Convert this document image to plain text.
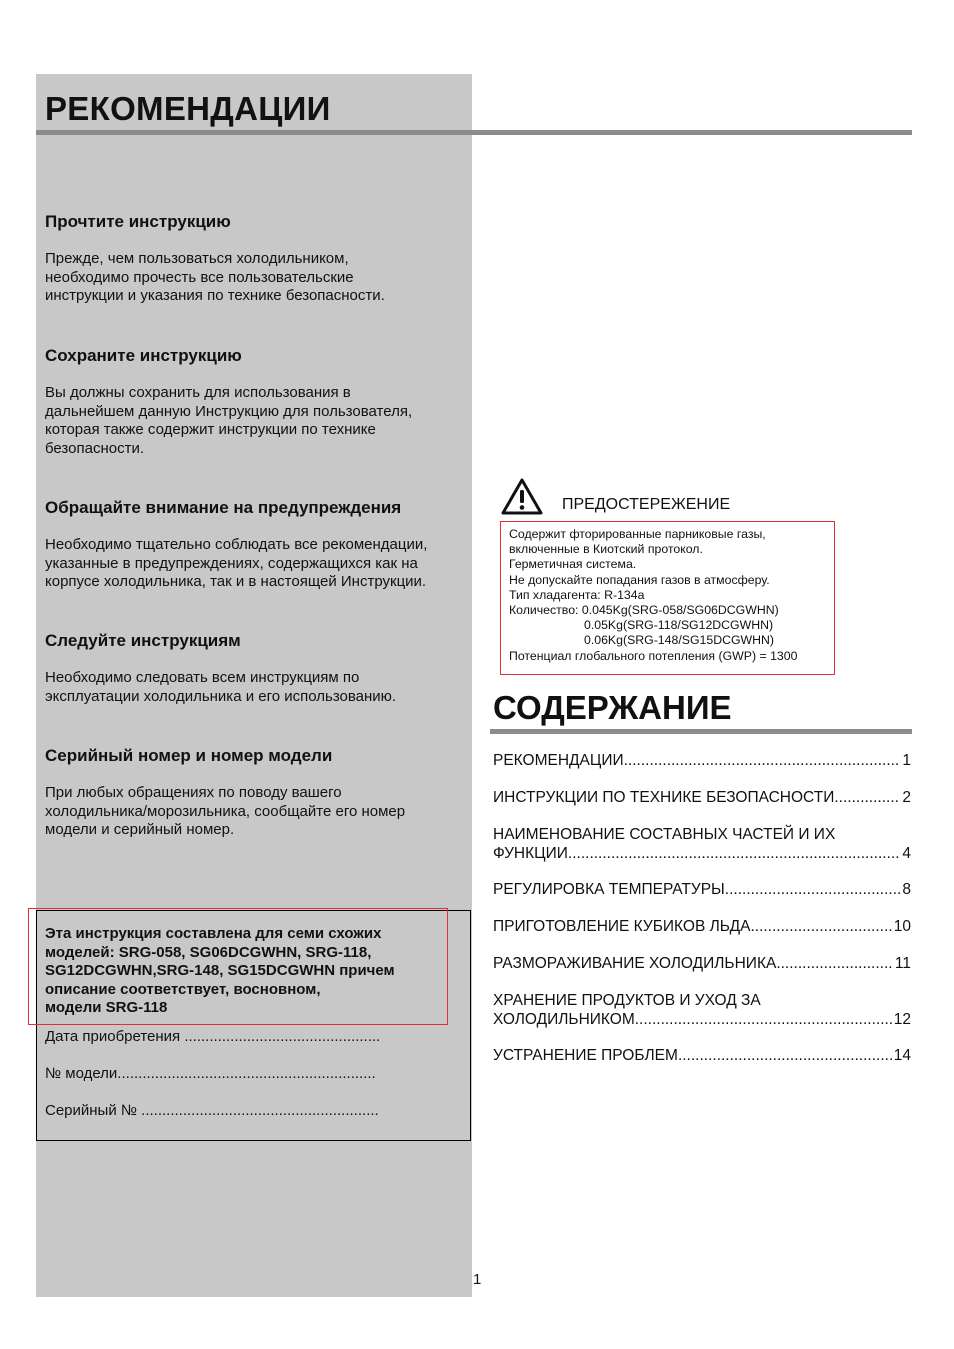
РЕКОМЕНДАЦИИ
Прочтите инструкцию

Прежде, чем пользоваться холодильником,
необходимо прочесть все пользовательские
инструкции и указания по технике безопасности.

Сохраните инструкцию

Вы должны сохранить для использования в
дальнейшем данную Инструкцию для пользователя,
которая также содержит инструкции по технике
безопасности.

Обращайте внимание на предупреждения

Необходимо тщательно соблюдать все рекомендации,
указанные в предупреждениях, содержащихся как на
корпусе холодильника, так и в настоящей Инструкции.

Следуйте инструкциям

Необходимо следовать всем инструкциям по
эксплуатации холодильника и его использованию.

Серийный номер и номер модели

При любых обращениях по поводу вашего
холодильника/морозильника, сообщайте его номер
модели и серийный номер.

Эта инструкция составлена для семи схожих
моделей: SRG-058, SG06DCGWHN, SRG-118,
SG12DCGWHN,SRG-148, SG15DCGWHN причем
описание соответствует, восновном,
модели SRG-118

Дата приобретения ...............................................
№ модели..............................................................
Серийный № .........................................................
ПРЕДОСТЕРЕЖЕНИЕ
Содержит фторированные парниковые газы,
включенные в Киотский протокол.
Герметичная система.
Не допускайте попадания газов в атмосферу.
Тип хладагента: R-134a
Количество: 0.045Kg(SRG-058/SG06DCGWHN)
0.05Kg(SRG-118/SG12DCGWHN)
0.06Kg(SRG-148/SG15DCGWHN)
Потенциал глобального потепления (GWP) = 1300
СОДЕРЖАНИЕ
РЕКОМЕНДАЦИИ .....	1
ИНСТРУКЦИИ ПО ТЕХНИКЕ БЕЗОПАСНОСТИ .....	2
НАИМЕНОВАНИЕ СОСТАВНЫХ ЧАСТЕЙ И ИХ
ФУНКЦИИ .....	4
РЕГУЛИРОВКА ТЕМПЕРАТУРЫ .....	8
ПРИГОТОВЛЕНИЕ КУБИКОВ ЛЬДА .....	10
РАЗМОРАЖИВАНИЕ ХОЛОДИЛЬНИКА .....	11
ХРАНЕНИЕ ПРОДУКТОВ И УХОД ЗА
ХОЛОДИЛЬНИКОМ .....	12
УСТРАНЕНИЕ ПРОБЛЕМ .....	14
1
